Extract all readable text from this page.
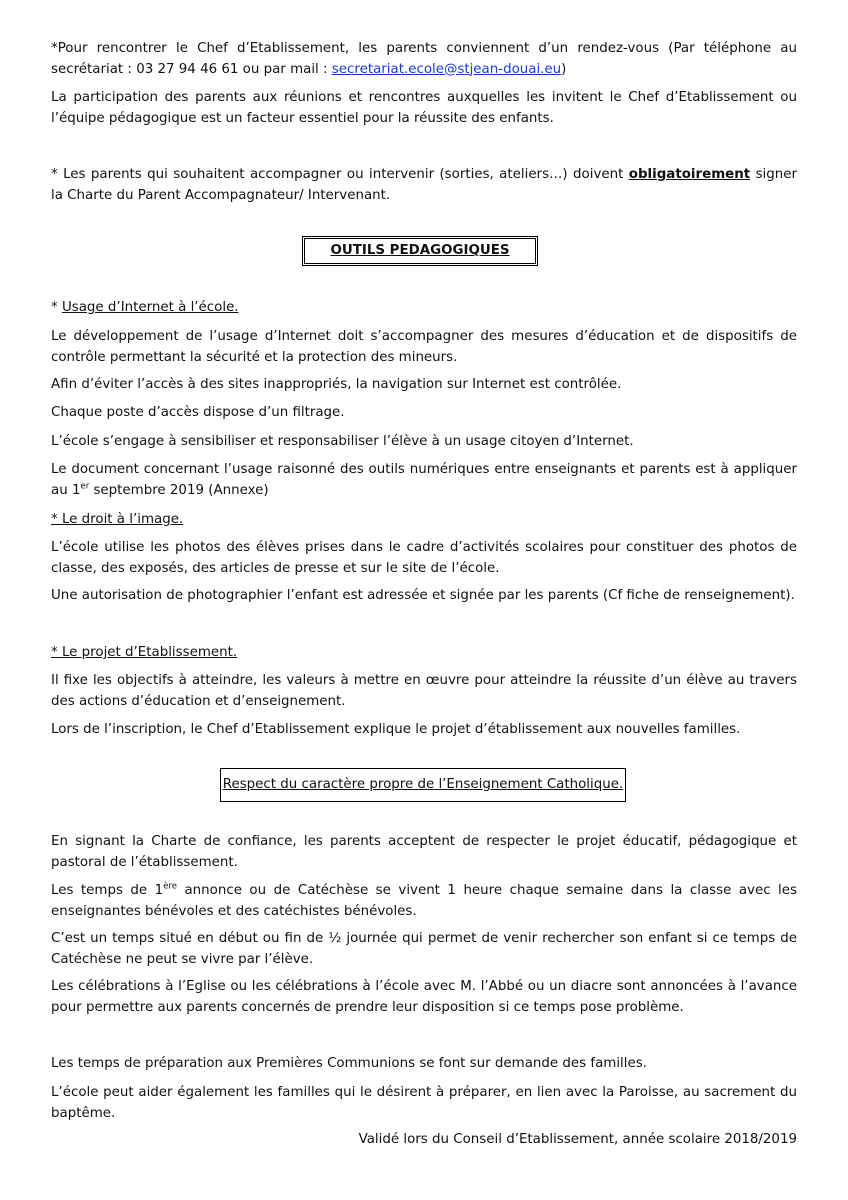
*Pour rencontrer le Chef d’Etablissement, les parents conviennent d’un rendez-vous (Par téléphone au secrétariat : 03 27 94 46 61 ou par mail : secretariat.ecole@stjean-douai.eu)

La participation des parents aux réunions et rencontres auxquelles les invitent le Chef d’Etablissement ou l’équipe pédagogique est un facteur essentiel pour la réussite des enfants.

* Les parents qui souhaitent accompagner ou intervenir (sorties, ateliers…) doivent obligatoirement signer la Charte du Parent Accompagnateur/ Intervenant.

OUTILS PEDAGOGIQUES

* Usage d’Internet à l’école.

Le développement de l’usage d’Internet doit s’accompagner des mesures d’éducation et de dispositifs de contrôle permettant la sécurité et la protection des mineurs.

Afin d’éviter l’accès à des sites inappropriés, la navigation sur Internet est contrôlée.

Chaque poste d’accès dispose d’un filtrage.

L’école s’engage à sensibiliser et responsabiliser l’élève à un usage citoyen d’Internet.

Le document concernant l’usage raisonné des outils numériques entre enseignants et parents est à appliquer au 1er septembre 2019 (Annexe)

* Le droit à l’image.

L’école utilise les photos des élèves prises dans le cadre d’activités scolaires pour constituer des photos de classe, des exposés, des articles de presse et sur le site de l’école.

Une autorisation de photographier l’enfant est adressée et signée par les parents (Cf fiche de renseignement).

* Le projet d’Etablissement.

Il fixe les objectifs à atteindre, les valeurs à mettre en œuvre pour atteindre la réussite d’un élève au travers des actions d’éducation et d’enseignement.

Lors de l’inscription, le Chef d’Etablissement explique le projet d’établissement aux nouvelles familles.

Respect du caractère propre de l’Enseignement Catholique.

En signant la Charte de confiance, les parents acceptent de respecter le projet éducatif, pédagogique et pastoral de l’établissement.

Les temps de 1ère annonce ou de Catéchèse se vivent 1 heure chaque semaine dans la classe avec les enseignantes bénévoles et des catéchistes bénévoles.

C’est un temps situé en début ou fin de ½ journée qui permet de venir rechercher son enfant si ce temps de Catéchèse ne peut se vivre par l’élève.

Les célébrations à l’Eglise ou les célébrations à l’école avec M. l’Abbé ou un diacre sont annoncées à l’avance pour permettre aux parents concernés de prendre leur disposition si ce temps pose problème.

Les temps de préparation aux Premières Communions se font sur demande des familles.

L’école peut aider également les familles qui le désirent à préparer, en lien avec la Paroisse, au sacrement du baptême.

Validé lors du Conseil d’Etablissement, année scolaire 2018/2019
